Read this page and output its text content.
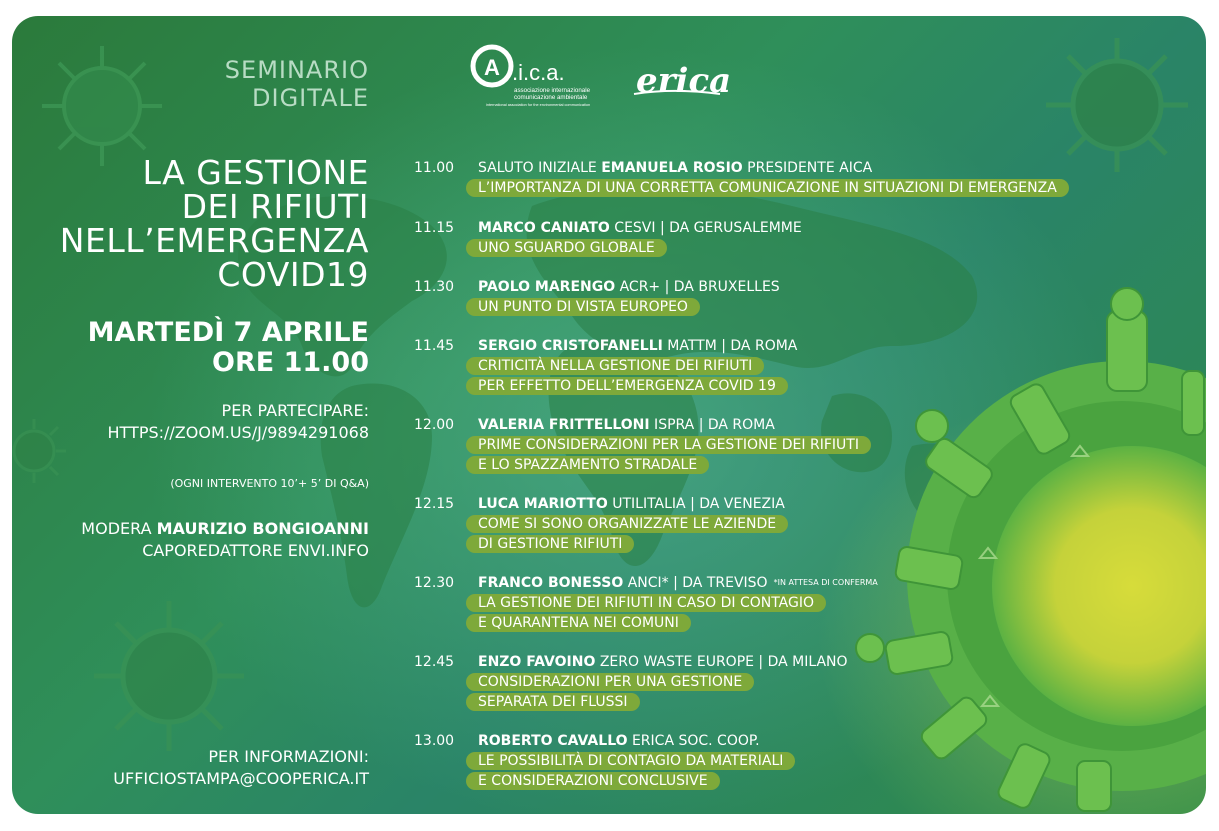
A .i.c.a.
associazione internazionale
comunicazione ambientale
international association for the environmental communication
erica
SEMINARIO
DIGITALE
LA GESTIONE
DEI RIFIUTI
NELL’EMERGENZA
COVID19
MARTEDÌ 7 APRILE
ORE 11.00
PER PARTECIPARE:
HTTPS://ZOOM.US/J/9894291068
(OGNI INTERVENTO 10’+ 5’ DI Q&A)
MODERA MAURIZIO BONGIOANNI
CAPOREDATTORE ENVI.INFO
PER INFORMAZIONI:
UFFICIOSTAMPA@COOPERICA.IT
11.00	SALUTO INIZIALE EMANUELA ROSIO PRESIDENTE AICA
L’IMPORTANZA DI UNA CORRETTA COMUNICAZIONE IN SITUAZIONI DI EMERGENZA
11.15	MARCO CANIATO CESVI | DA GERUSALEMME
UNO SGUARDO GLOBALE
11.30	PAOLO MARENGO ACR+ | DA BRUXELLES
UN PUNTO DI VISTA EUROPEO
11.45	SERGIO CRISTOFANELLI MATTM | DA ROMA
CRITICITÀ NELLA GESTIONE DEI RIFIUTI
PER EFFETTO DELL’EMERGENZA COVID 19
12.00	VALERIA FRITTELLONI ISPRA | DA ROMA
PRIME CONSIDERAZIONI PER LA GESTIONE DEI RIFIUTI
E LO SPAZZAMENTO STRADALE
12.15	LUCA MARIOTTO UTILITALIA | DA VENEZIA
COME SI SONO ORGANIZZATE LE AZIENDE
DI GESTIONE RIFIUTI
12.30	FRANCO BONESSO ANCI* | DA TREVISO *IN ATTESA DI CONFERMA
LA GESTIONE DEI RIFIUTI IN CASO DI CONTAGIO
E QUARANTENA NEI COMUNI
12.45	ENZO FAVOINO ZERO WASTE EUROPE | DA MILANO
CONSIDERAZIONI PER UNA GESTIONE
SEPARATA DEI FLUSSI
13.00	ROBERTO CAVALLO ERICA SOC. COOP.
LE POSSIBILITÀ DI CONTAGIO DA MATERIALI
E CONSIDERAZIONI CONCLUSIVE
